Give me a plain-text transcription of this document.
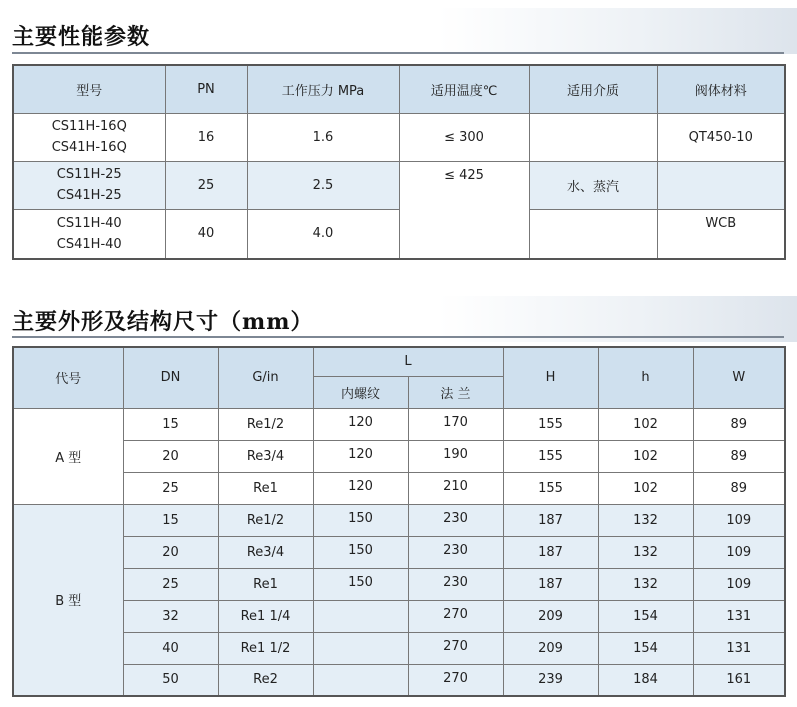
主要性能参数
型号	PN	工作压力 MPa	适用温度℃	适用介质	阀体材料

CS11H-16Q
CS41H-16Q	16	1.6	≤ 300		QT450-10

CS11H-25
CS41H-25	25	2.5	≤ 425	水、蒸汽	

CS11H-40
CS41H-40	40	4.0			WCB
主要外形及结构尺寸（mm）
代号	DN	G/in	L		H	h	W
			内螺纹	法 兰			
A 型	15	Re1/2	120	170	155	102	89
	20	Re3/4	120	190	155	102	89
	25	Re1	120	210	155	102	89
B 型	15	Re1/2	150	230	187	132	109
	20	Re3/4	150	230	187	132	109
	25	Re1	150	230	187	132	109
	32	Re1 1/4		270	209	154	131
	40	Re1 1/2		270	209	154	131
	50	Re2		270	239	184	161
